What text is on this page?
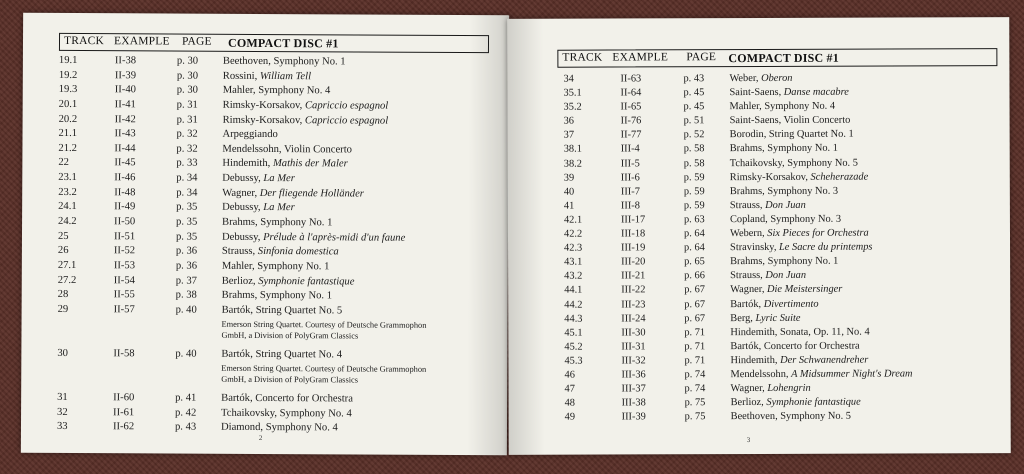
TRACK EXAMPLE PAGE COMPACT DISC #1
19.1	II-38	p. 30 Beethoven, Symphony No. 1
19.2	II-39	p. 30 Rossini, William Tell
19.3	II-40	p. 30 Mahler, Symphony No. 4
20.1	II-41	p. 31 Rimsky-Korsakov, Capriccio espagnol
20.2	II-42	p. 31 Rimsky-Korsakov, Capriccio espagnol
21.1	II-43	p. 32 Arpeggiando
21.2	II-44	p. 32 Mendelssohn, Violin Concerto
22	II-45	p. 33 Hindemith, Mathis der Maler
23.1	II-46	p. 34 Debussy, La Mer
23.2	II-48	p. 34 Wagner, Der fliegende Holländer
24.1	II-49	p. 35 Debussy, La Mer
24.2	II-50	p. 35 Brahms, Symphony No. 1
25	II-51	p. 35 Debussy, Prélude à l'après-midi d'un faune
26	II-52	p. 36 Strauss, Sinfonia domestica
27.1	II-53	p. 36 Mahler, Symphony No. 1
27.2	II-54	p. 37 Berlioz, Symphonie fantastique
28	II-55	p. 38 Brahms, Symphony No. 1
29	II-57	p. 40 Bartók, String Quartet No. 5
Emerson String Quartet. Courtesy of Deutsche Grammophon
GmbH, a Division of PolyGram Classics
30	II-58	p. 40 Bartók, String Quartet No. 4
Emerson String Quartet. Courtesy of Deutsche Grammophon
GmbH, a Division of PolyGram Classics
31	II-60	p. 41 Bartók, Concerto for Orchestra
32	II-61	p. 42 Tchaikovsky, Symphony No. 4
33	II-62	p. 43 Diamond, Symphony No. 4
2
TRACK EXAMPLE PAGE COMPACT DISC #1
34	II-63	p. 43 Weber, Oberon
35.1	II-64	p. 45 Saint-Saens, Danse macabre
35.2	II-65	p. 45 Mahler, Symphony No. 4
36	II-76	p. 51 Saint-Saens, Violin Concerto
37	II-77	p. 52 Borodin, String Quartet No. 1
38.1	III-4	p. 58 Brahms, Symphony No. 1
38.2	III-5	p. 58 Tchaikovsky, Symphony No. 5
39	III-6	p. 59 Rimsky-Korsakov, Scheherazade
40	III-7	p. 59 Brahms, Symphony No. 3
41	III-8	p. 59 Strauss, Don Juan
42.1	III-17	p. 63 Copland, Symphony No. 3
42.2	III-18	p. 64 Webern, Six Pieces for Orchestra
42.3	III-19	p. 64 Stravinsky, Le Sacre du printemps
43.1	III-20	p. 65 Brahms, Symphony No. 1
43.2	III-21	p. 66 Strauss, Don Juan
44.1	III-22	p. 67 Wagner, Die Meistersinger
44.2	III-23	p. 67 Bartók, Divertimento
44.3	III-24	p. 67 Berg, Lyric Suite
45.1	III-30	p. 71 Hindemith, Sonata, Op. 11, No. 4
45.2	III-31	p. 71 Bartók, Concerto for Orchestra
45.3	III-32	p. 71 Hindemith, Der Schwanendreher
46	III-36	p. 74 Mendelssohn, A Midsummer Night's Dream
47	III-37	p. 74 Wagner, Lohengrin
48	III-38	p. 75 Berlioz, Symphonie fantastique
49	III-39	p. 75 Beethoven, Symphony No. 5
3
